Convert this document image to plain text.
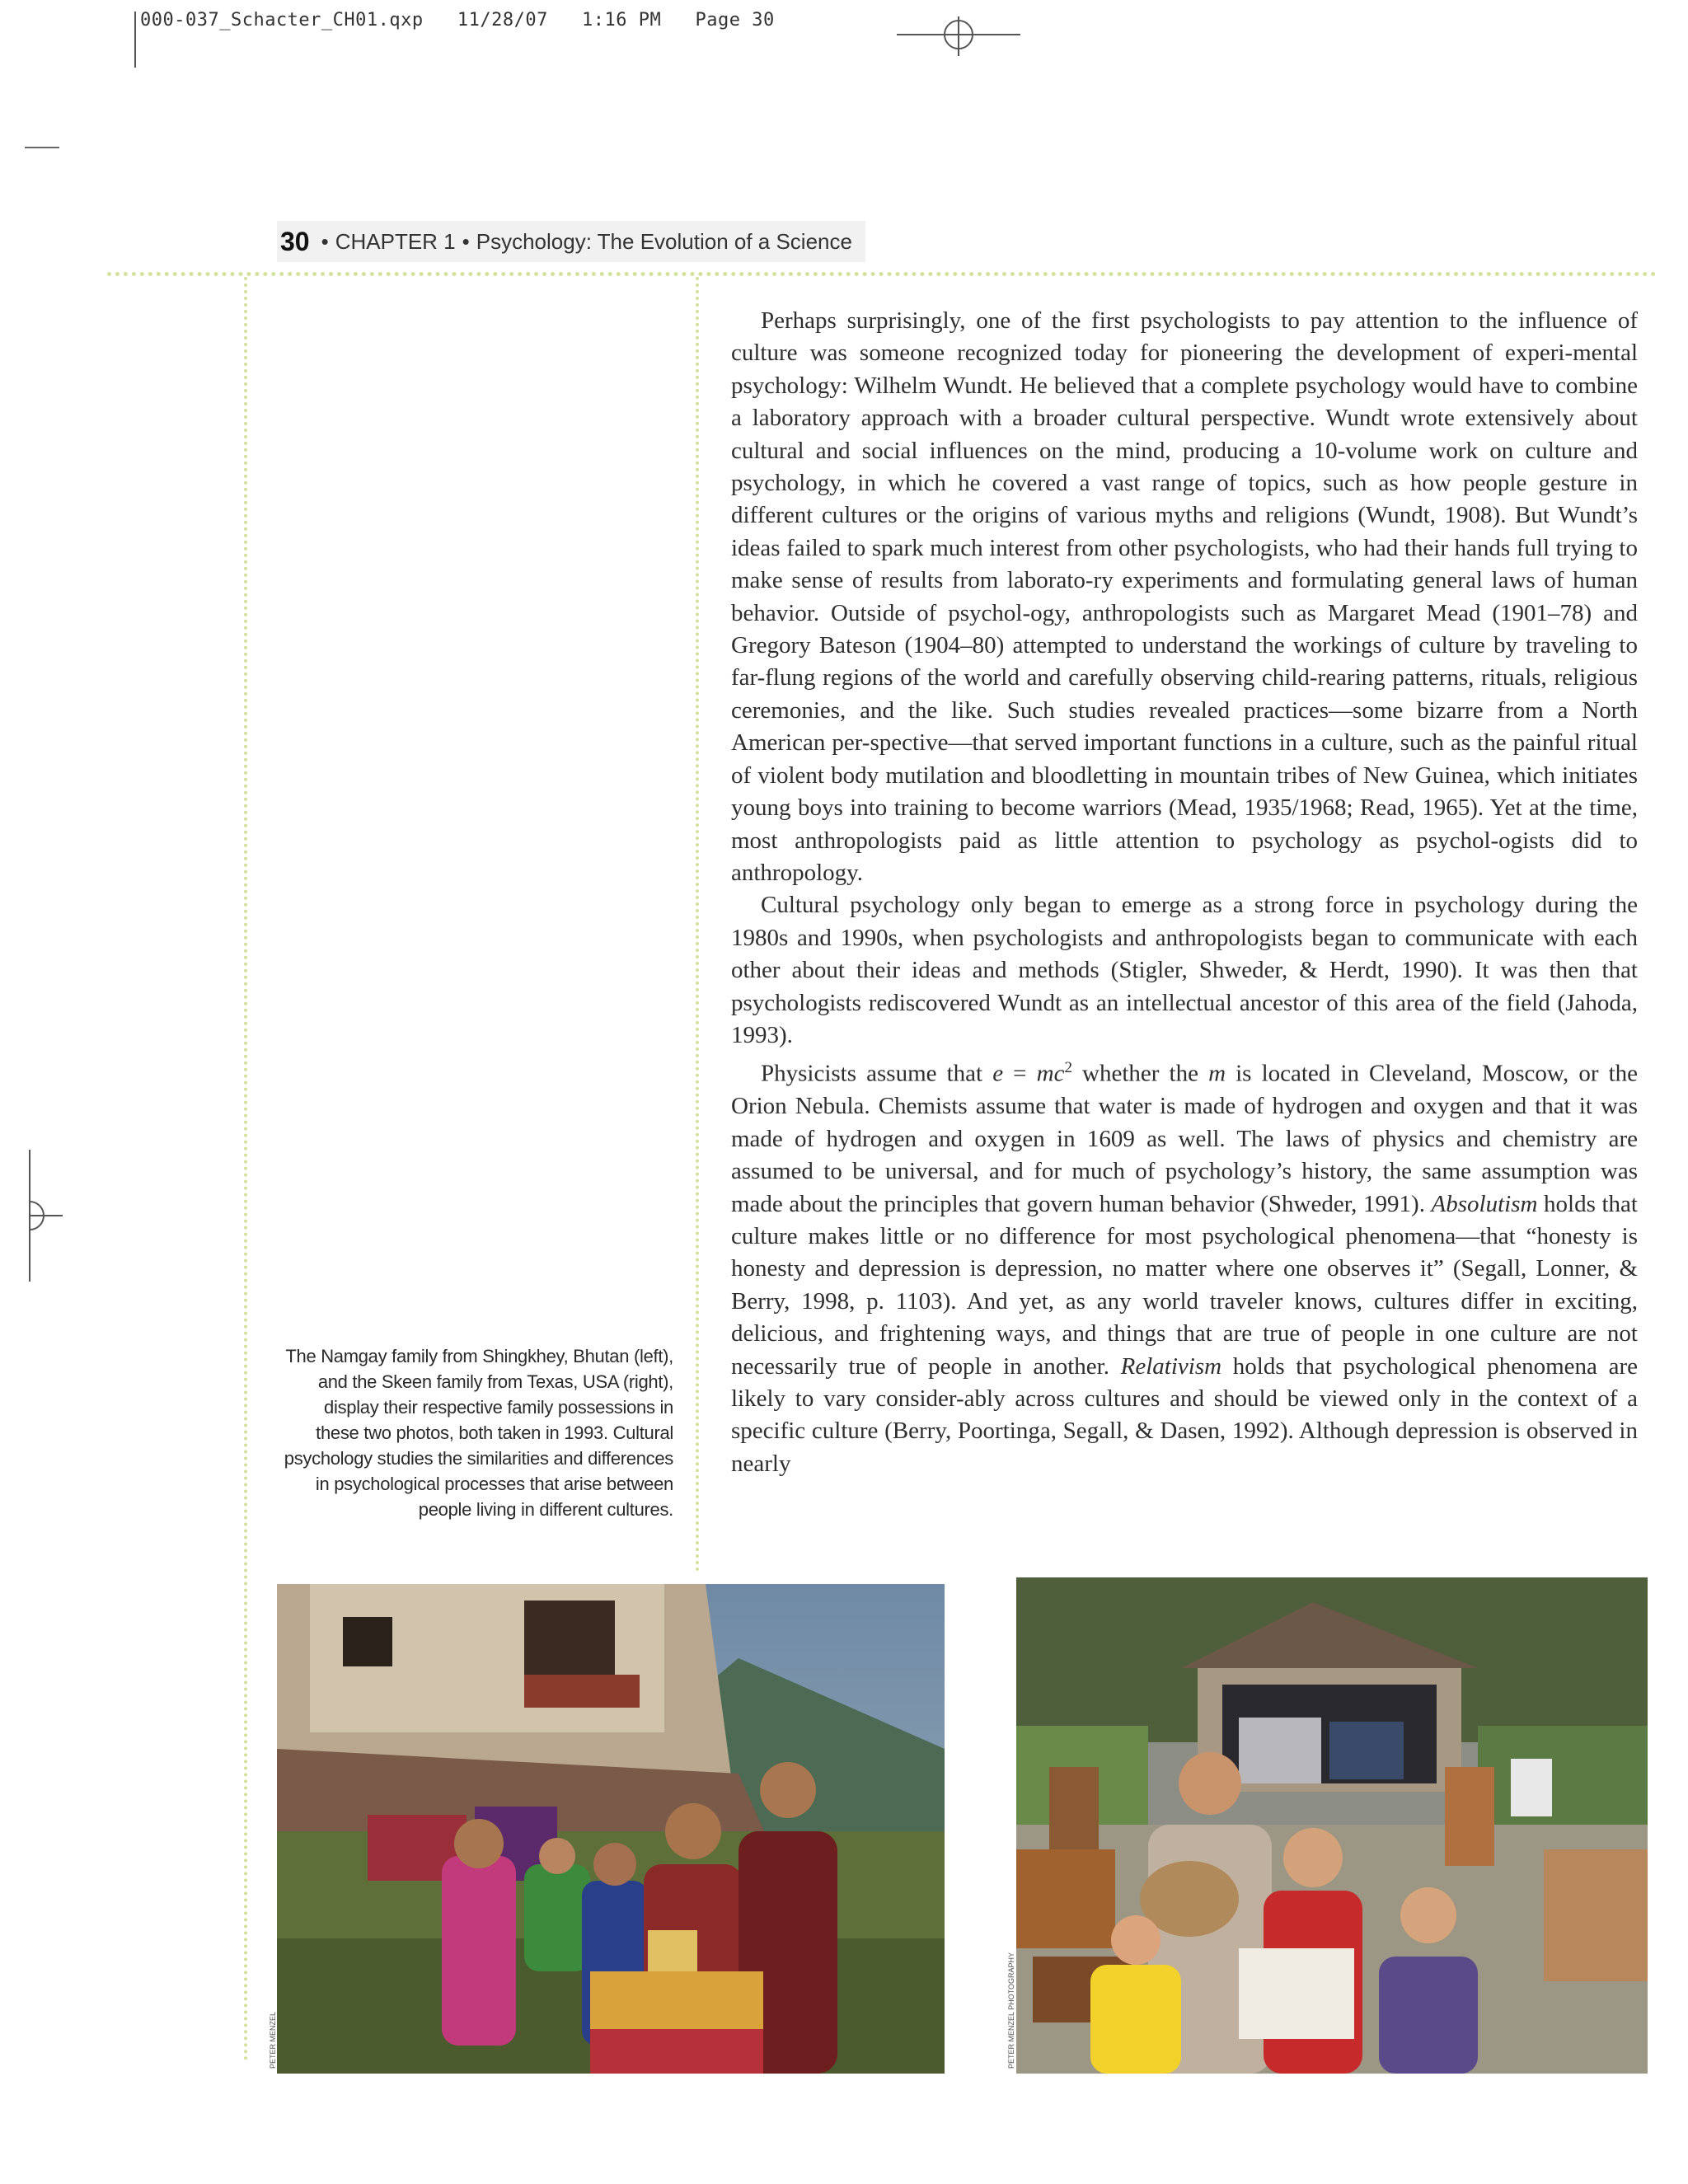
000-037_Schacter_CH01.qxp   11/28/07   1:16 PM   Page 30
30 • CHAPTER 1 • Psychology: The Evolution of a Science

Perhaps surprisingly, one of the first psychologists to pay attention to the influence of culture was someone recognized today for pioneering the development of experi-mental psychology: Wilhelm Wundt. He believed that a complete psychology would have to combine a laboratory approach with a broader cultural perspective. Wundt wrote extensively about cultural and social influences on the mind, producing a 10-volume work on culture and psychology, in which he covered a vast range of topics, such as how people gesture in different cultures or the origins of various myths and religions (Wundt, 1908). But Wundt’s ideas failed to spark much interest from other psychologists, who had their hands full trying to make sense of results from laborato-ry experiments and formulating general laws of human behavior. Outside of psychol-ogy, anthropologists such as Margaret Mead (1901–78) and Gregory Bateson (1904–80) attempted to understand the workings of culture by traveling to far-flung regions of the world and carefully observing child-rearing patterns, rituals, religious ceremonies, and the like. Such studies revealed practices—some bizarre from a North American per-spective—that served important functions in a culture, such as the painful ritual of violent body mutilation and bloodletting in mountain tribes of New Guinea, which initiates young boys into training to become warriors (Mead, 1935/1968; Read, 1965). Yet at the time, most anthropologists paid as little attention to psychology as psychol-ogists did to anthropology.

Cultural psychology only began to emerge as a strong force in psychology during the 1980s and 1990s, when psychologists and anthropologists began to communicate with each other about their ideas and methods (Stigler, Shweder, & Herdt, 1990). It was then that psychologists rediscovered Wundt as an intellectual ancestor of this area of the field (Jahoda, 1993).

Physicists assume that $e = mc^2$ whether the m is located in Cleveland, Moscow, or the Orion Nebula. Chemists assume that water is made of hydrogen and oxygen and that it was made of hydrogen and oxygen in 1609 as well. The laws of physics and chemistry are assumed to be universal, and for much of psychology’s history, the same assumption was made about the principles that govern human behavior (Shweder, 1991). Absolutism holds that culture makes little or no difference for most psychological phenomena—that “honesty is honesty and depression is depression, no matter where one observes it” (Segall, Lonner, & Berry, 1998, p. 1103). And yet, as any world traveler knows, cultures differ in exciting, delicious, and frightening ways, and things that are true of people in one culture are not necessarily true of people in another. Relativism holds that psychological phenomena are likely to vary consider-ably across cultures and should be viewed only in the context of a specific culture (Berry, Poortinga, Segall, & Dasen, 1992). Although depression is observed in nearly

The Namgay family from Shingkhey, Bhutan (left), and the Skeen family from Texas, USA (right), display their respective family possessions in these two photos, both taken in 1993. Cultural psychology studies the similarities and differences in psychological processes that arise between people living in different cultures.
PETER MENZEL	PETER MENZEL PHOTOGRAPHY
